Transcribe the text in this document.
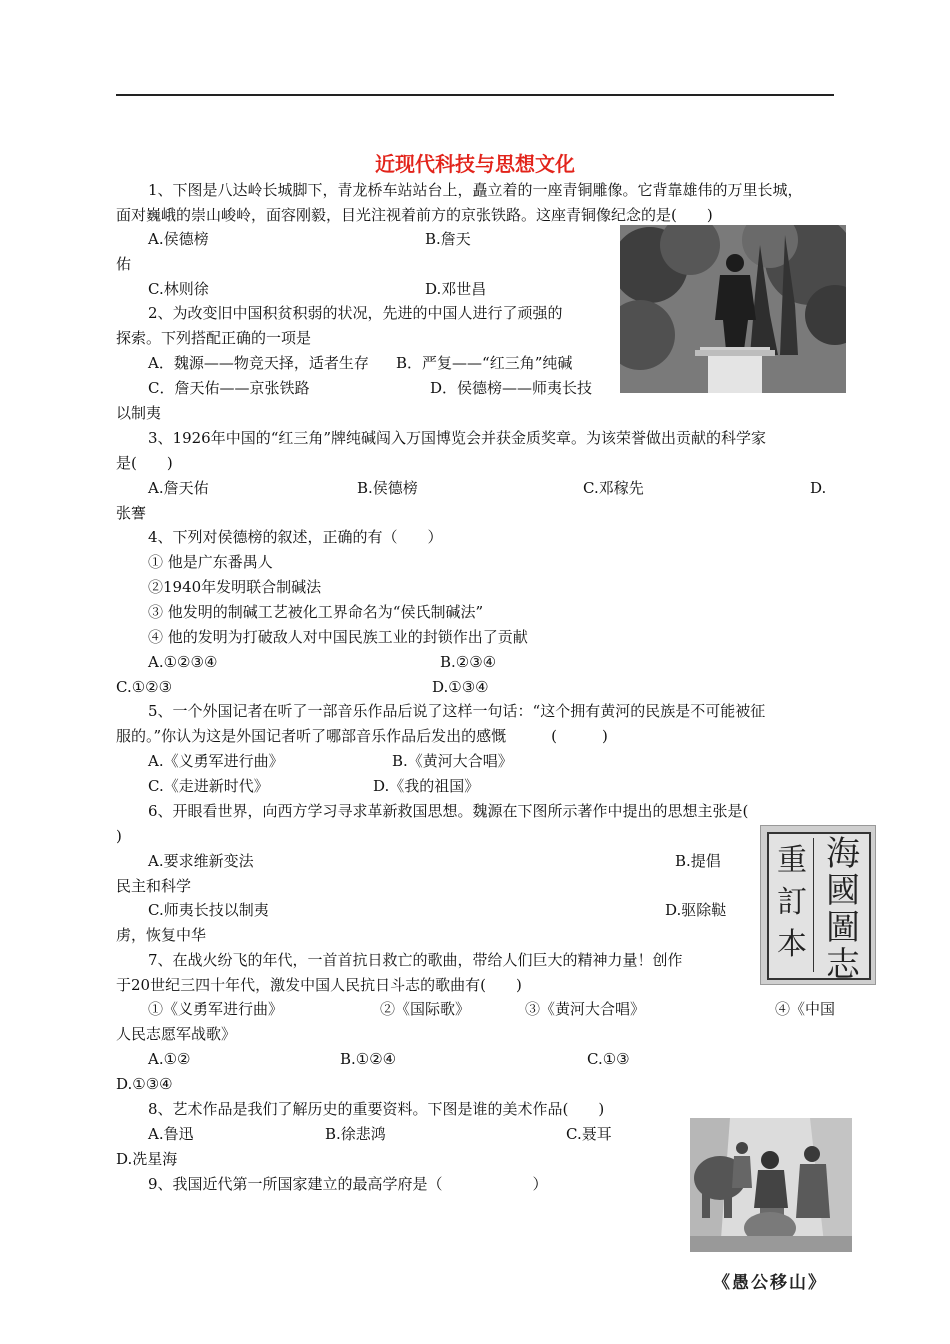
近现代科技与思想文化
1、下图是八达岭长城脚下，青龙桥车站站台上，矗立着的一座青铜雕像。它背靠雄伟的万里长城，
面对巍峨的崇山峻岭，面容刚毅，目光注视着前方的京张铁路。这座青铜像纪念的是(　　)
A.侯德榜	B.詹天
佑
C.林则徐	D.邓世昌
2、为改变旧中国积贫积弱的状况，先进的中国人进行了顽强的
探索。下列搭配正确的一项是
A．魏源——物竞天择，适者生存 B．严复——“红三角”纯碱
C．詹天佑——京张铁路	D．侯德榜——师夷长技
以制夷
3、1926年中国的“红三角”牌纯碱闯入万国博览会并获金质奖章。为该荣誉做出贡献的科学家
是(　　)
A.詹天佑	B.侯德榜	C.邓稼先	D.
张謇
4、下列对侯德榜的叙述，正确的有（　　）
① 他是广东番禺人
②1940年发明联合制碱法
③ 他发明的制碱工艺被化工界命名为“侯氏制碱法”
④ 他的发明为打破敌人对中国民族工业的封锁作出了贡献
A.①②③④	B.②③④
C.①②③	D.①③④
5、一个外国记者在听了一部音乐作品后说了这样一句话：“这个拥有黄河的民族是不可能被征
服的。”你认为这是外国记者听了哪部音乐作品后发出的感慨　　　(　　　)
A.《义勇军进行曲》	B.《黄河大合唱》
C.《走进新时代》	D.《我的祖国》
6、开眼看世界，向西方学习寻求革新救国思想。魏源在下图所示著作中提出的思想主张是(
)
A.要求维新变法	B.提倡
民主和科学
C.师夷长技以制夷	D.驱除鞑
虏，恢复中华
海
國
圖
志
重
訂
本
7、在战火纷飞的年代，一首首抗日救亡的歌曲，带给人们巨大的精神力量！创作
于20世纪三四十年代，激发中国人民抗日斗志的歌曲有(　　)
①《义勇军进行曲》	②《国际歌》	③《黄河大合唱》	④《中国
人民志愿军战歌》
A.①②	B.①②④	C.①③
D.①③④
8、艺术作品是我们了解历史的重要资料。下图是谁的美术作品(　　)
A.鲁迅	B.徐悲鸿	C.聂耳
D.冼星海
9、我国近代第一所国家建立的最高学府是（　　　　　　）
《愚公移山》
